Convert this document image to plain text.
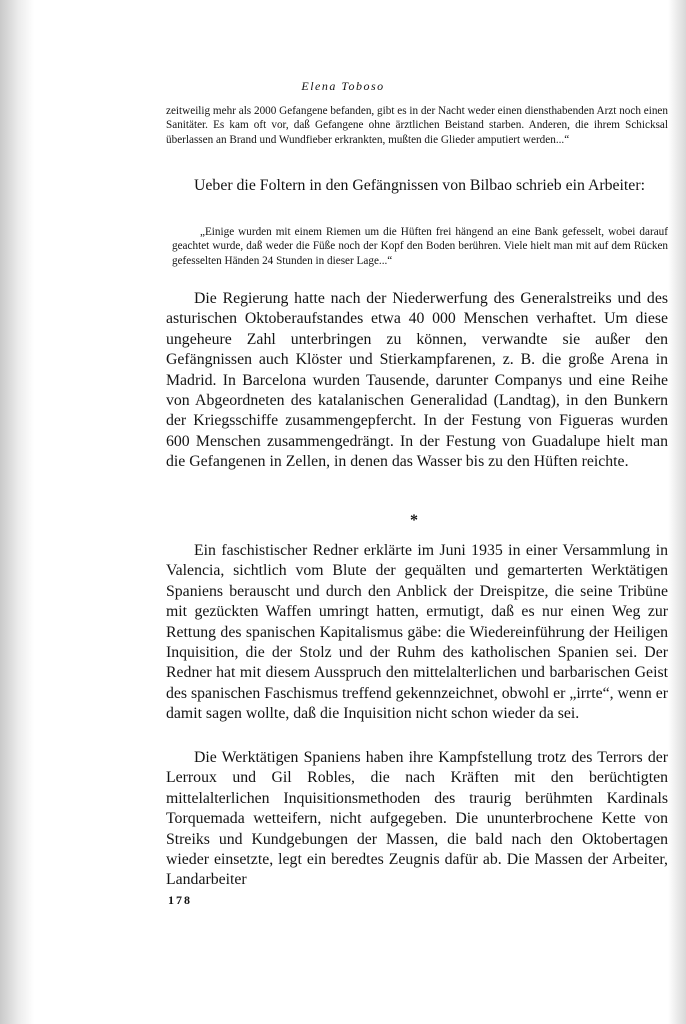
Elena Toboso

zeitweilig mehr als 2000 Gefangene befanden, gibt es in der Nacht weder einen diensthabenden Arzt noch einen Sanitäter. Es kam oft vor, daß Gefangene ohne ärztlichen Beistand starben. Anderen, die ihrem Schicksal überlassen an Brand und Wundfieber erkrankten, mußten die Glieder amputiert werden...“

Ueber die Foltern in den Gefängnissen von Bilbao schrieb ein Arbeiter:

„Einige wurden mit einem Riemen um die Hüften frei hängend an eine Bank gefesselt, wobei darauf geachtet wurde, daß weder die Füße noch der Kopf den Boden berühren. Viele hielt man mit auf dem Rücken gefesselten Händen 24 Stunden in dieser Lage...“

Die Regierung hatte nach der Niederwerfung des Generalstreiks und des asturischen Oktoberaufstandes etwa 40 000 Menschen verhaftet. Um diese ungeheure Zahl unterbringen zu können, verwandte sie außer den Gefängnissen auch Klöster und Stierkampfarenen, z. B. die große Arena in Madrid. In Barcelona wurden Tausende, darunter Companys und eine Reihe von Abgeordneten des katalanischen Generalidad (Landtag), in den Bunkern der Kriegsschiffe zusammengepfercht. In der Festung von Figueras wurden 600 Menschen zusammengedrängt. In der Festung von Guadalupe hielt man die Gefangenen in Zellen, in denen das Wasser bis zu den Hüften reichte.

*

Ein faschistischer Redner erklärte im Juni 1935 in einer Versammlung in Valencia, sichtlich vom Blute der gequälten und gemarterten Werktätigen Spaniens berauscht und durch den Anblick der Dreispitze, die seine Tribüne mit gezückten Waffen umringt hatten, ermutigt, daß es nur einen Weg zur Rettung des spanischen Kapitalismus gäbe: die Wiedereinführung der Heiligen Inquisition, die der Stolz und der Ruhm des katholischen Spanien sei. Der Redner hat mit diesem Ausspruch den mittelalterlichen und barbarischen Geist des spanischen Faschismus treffend gekennzeichnet, obwohl er „irrte“, wenn er damit sagen wollte, daß die Inquisition nicht schon wieder da sei.

Die Werktätigen Spaniens haben ihre Kampfstellung trotz des Terrors der Lerroux und Gil Robles, die nach Kräften mit den berüchtigten mittelalterlichen Inquisitionsmethoden des traurig berühmten Kardinals Torquemada wetteifern, nicht aufgegeben. Die ununterbrochene Kette von Streiks und Kundgebungen der Massen, die bald nach den Oktobertagen wieder einsetzte, legt ein beredtes Zeugnis dafür ab. Die Massen der Arbeiter, Landarbeiter

178
